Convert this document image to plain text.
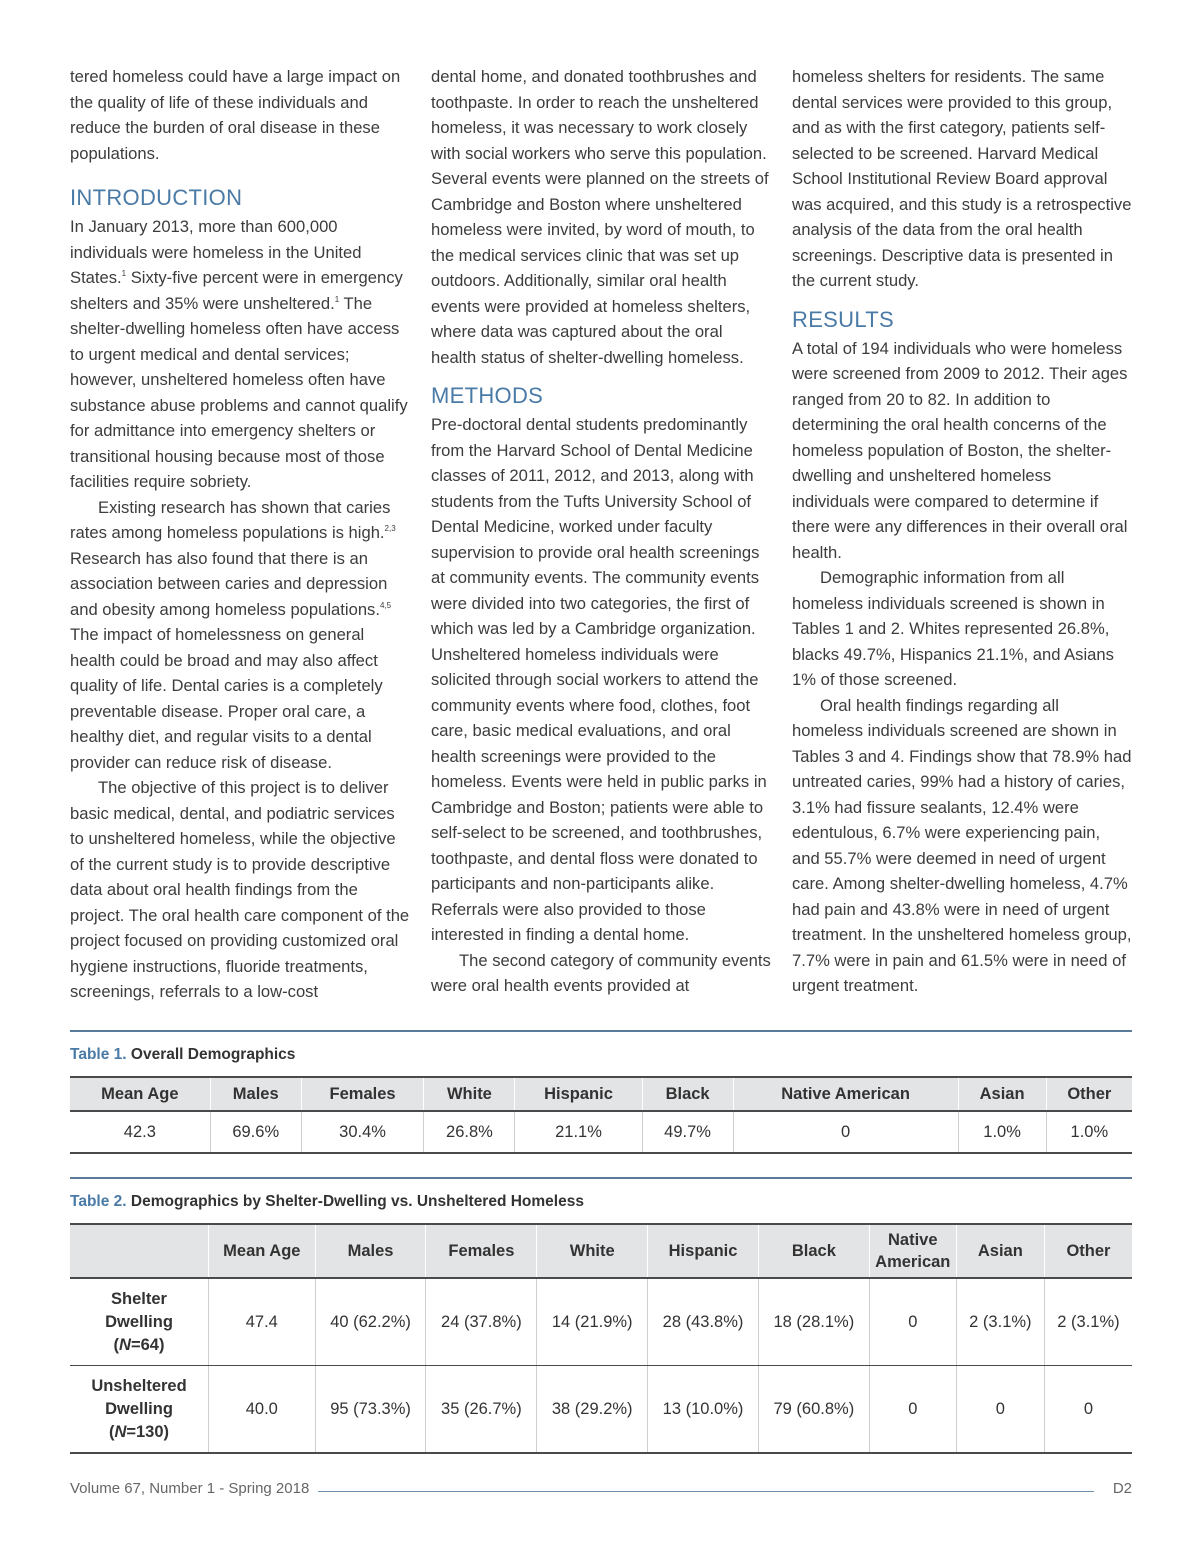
tered homeless could have a large impact on the quality of life of these individuals and reduce the burden of oral disease in these populations.

INTRODUCTION

In January 2013, more than 600,000 individuals were homeless in the United States.$^1$ Sixty-five percent were in emergency shelters and 35% were unsheltered.$^1$ The shelter-dwelling homeless often have access to urgent medical and dental services; however, unsheltered homeless often have substance abuse problems and cannot qualify for admittance into emergency shelters or transitional housing because most of those facilities require sobriety.

Existing research has shown that caries rates among homeless populations is high.$^{2,3}$ Research has also found that there is an association between caries and depression and obesity among homeless populations.$^{4,5}$ The impact of homelessness on general health could be broad and may also affect quality of life. Dental caries is a completely preventable disease. Proper oral care, a healthy diet, and regular visits to a dental provider can reduce risk of disease.

The objective of this project is to deliver basic medical, dental, and podiatric services to unsheltered homeless, while the objective of the current study is to provide descriptive data about oral health findings from the project. The oral health care component of the project focused on providing customized oral hygiene instructions, fluoride treatments, screenings, referrals to a low-cost

dental home, and donated toothbrushes and toothpaste. In order to reach the unsheltered homeless, it was necessary to work closely with social workers who serve this population. Several events were planned on the streets of Cambridge and Boston where unsheltered homeless were invited, by word of mouth, to the medical services clinic that was set up outdoors. Additionally, similar oral health events were provided at homeless shelters, where data was captured about the oral health status of shelter-dwelling homeless.

METHODS

Pre-doctoral dental students predominantly from the Harvard School of Dental Medicine classes of 2011, 2012, and 2013, along with students from the Tufts University School of Dental Medicine, worked under faculty supervision to provide oral health screenings at community events. The community events were divided into two categories, the first of which was led by a Cambridge organization. Unsheltered homeless individuals were solicited through social workers to attend the community events where food, clothes, foot care, basic medical evaluations, and oral health screenings were provided to the homeless. Events were held in public parks in Cambridge and Boston; patients were able to self-select to be screened, and toothbrushes, toothpaste, and dental floss were donated to participants and non-participants alike. Referrals were also provided to those interested in finding a dental home.

The second category of community events were oral health events provided at

homeless shelters for residents. The same dental services were provided to this group, and as with the first category, patients self-selected to be screened. Harvard Medical School Institutional Review Board approval was acquired, and this study is a retrospective analysis of the data from the oral health screenings. Descriptive data is presented in the current study.

RESULTS

A total of 194 individuals who were homeless were screened from 2009 to 2012. Their ages ranged from 20 to 82. In addition to determining the oral health concerns of the homeless population of Boston, the shelter-dwelling and unsheltered homeless individuals were compared to determine if there were any differences in their overall oral health.

Demographic information from all homeless individuals screened is shown in Tables 1 and 2. Whites represented 26.8%, blacks 49.7%, Hispanics 21.1%, and Asians 1% of those screened.

Oral health findings regarding all homeless individuals screened are shown in Tables 3 and 4. Findings show that 78.9% had untreated caries, 99% had a history of caries, 3.1% had fissure sealants, 12.4% were edentulous, 6.7% were experiencing pain, and 55.7% were deemed in need of urgent care. Among shelter-dwelling homeless, 4.7% had pain and 43.8% were in need of urgent treatment. In the unsheltered homeless group, 7.7% were in pain and 61.5% were in need of urgent treatment.

Table 1. Overall Demographics
Mean Age	Males	Females	White	Hispanic	Black	Native American	Asian	Other
42.3	69.6%	30.4%	26.8%	21.1%	49.7%	0	1.0%	1.0%
Table 2. Demographics by Shelter-Dwelling vs. Unsheltered Homeless
	Mean Age	Males	Females	White	Hispanic	Black	Native American	Asian	Other

Shelter
Dwelling
(N=64)	47.4	40 (62.2%)	24 (37.8%)	14 (21.9%)	28 (43.8%)	18 (28.1%)	0	2 (3.1%)	2 (3.1%)

Unsheltered
Dwelling
(N=130)	40.0	95 (73.3%)	35 (26.7%)	38 (29.2%)	13 (10.0%)	79 (60.8%)	0	0	0
Volume 67, Number 1 - Spring 2018	D2
